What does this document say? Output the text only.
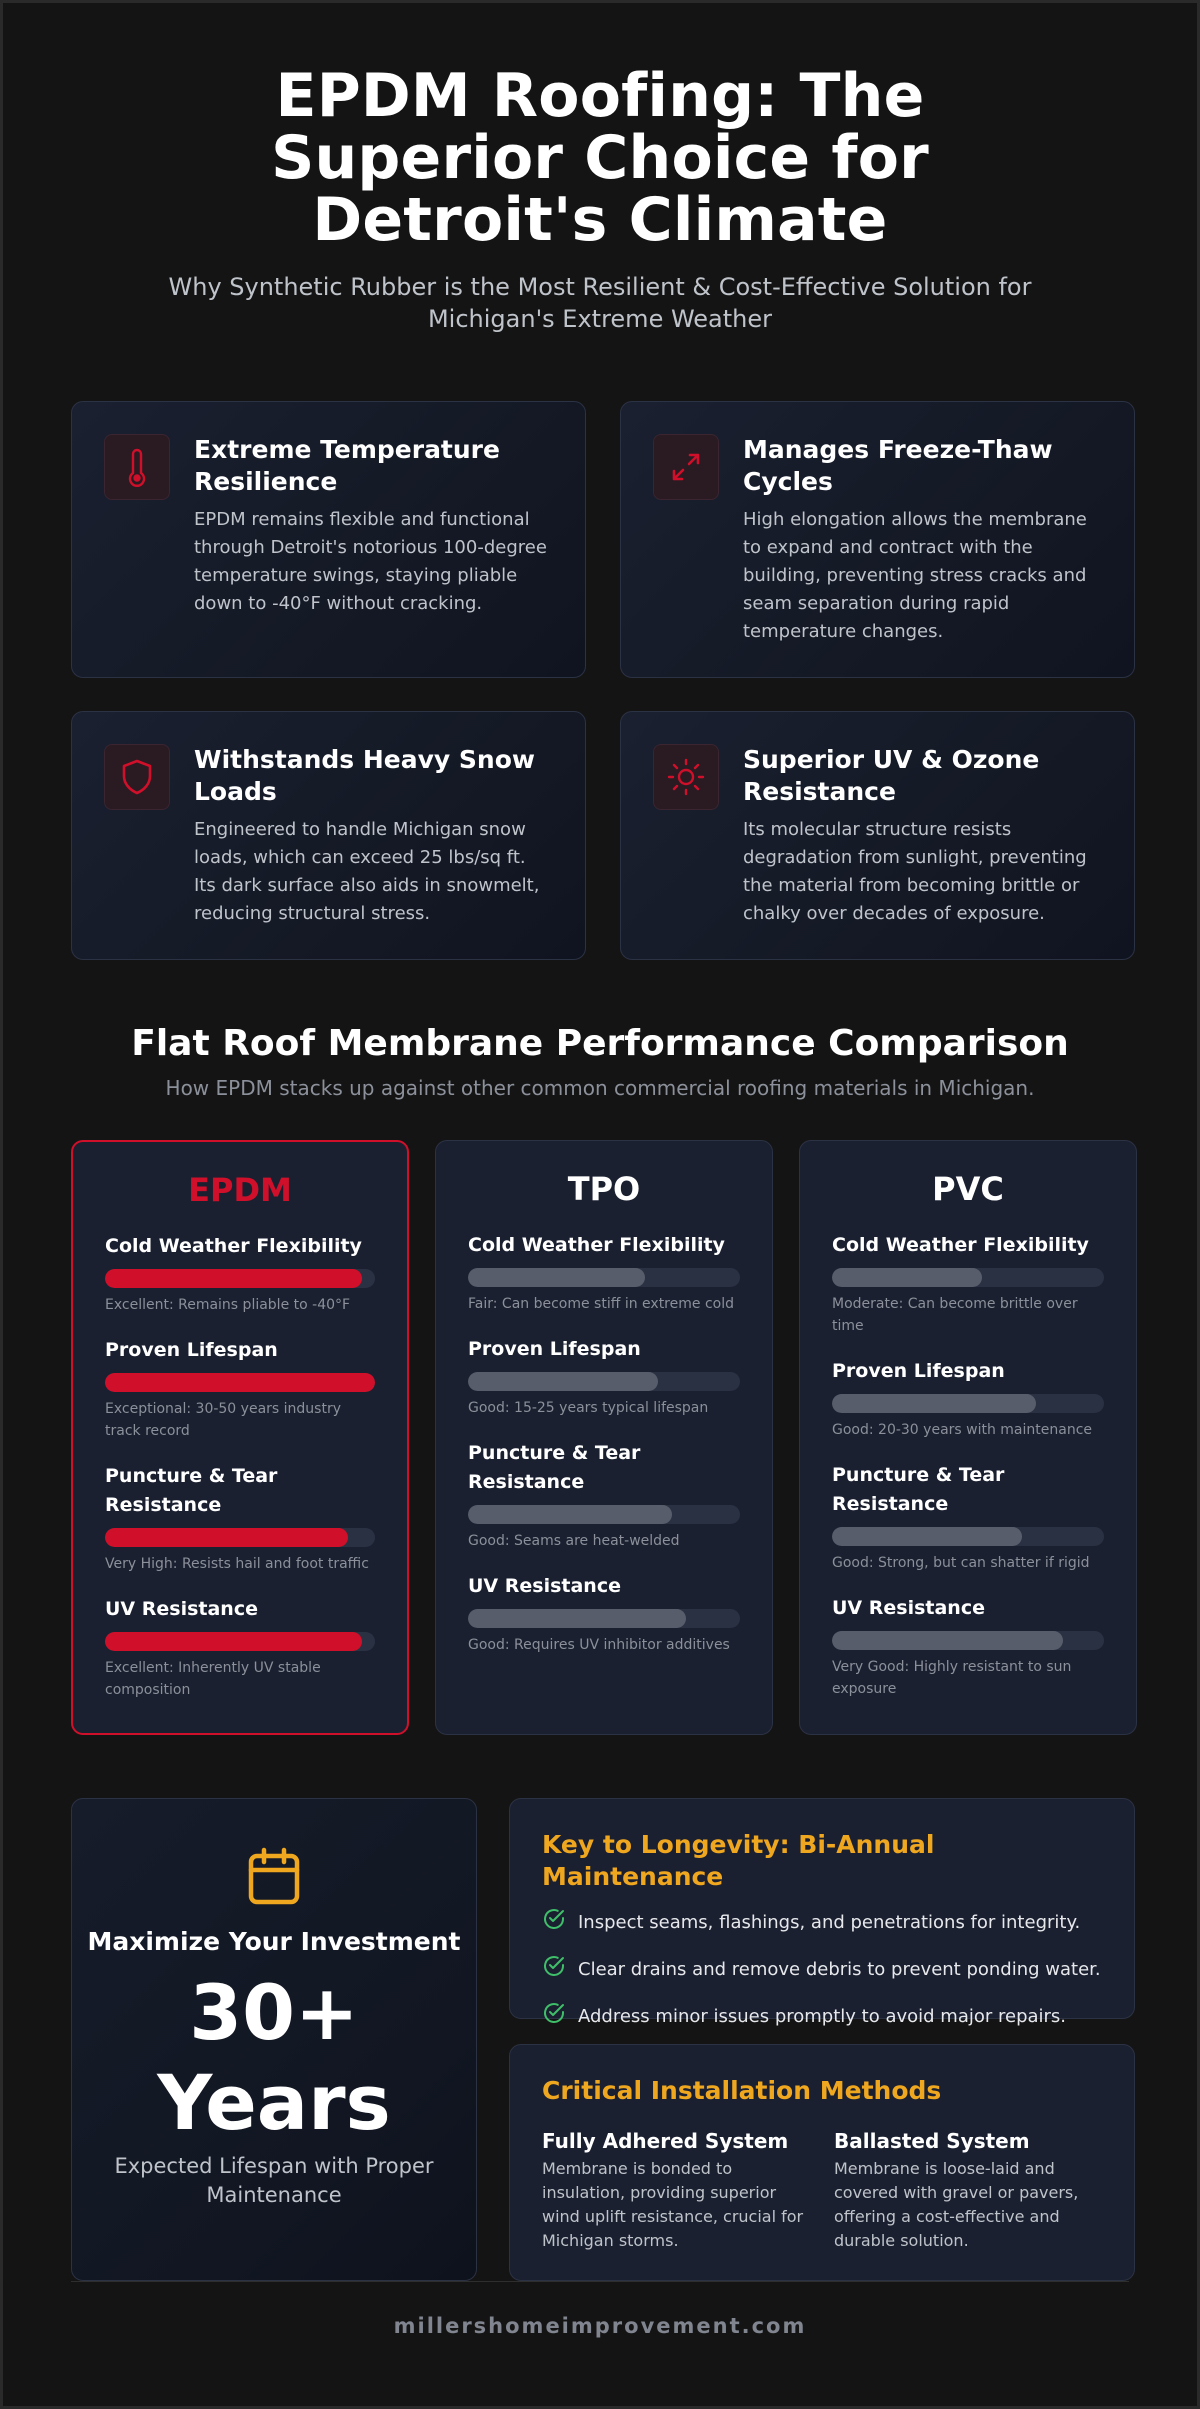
EPDM Roofing: The Superior Choice for Detroit's Climate

Why Synthetic Rubber is the Most Resilient & Cost-Effective Solution for Michigan's Extreme Weather

Extreme Temperature Resilience
EPDM remains flexible and functional through Detroit's notorious 100-degree temperature swings, staying pliable down to -40°F without cracking.
Manages Freeze-Thaw Cycles
High elongation allows the membrane to expand and contract with the building, preventing stress cracks and seam separation during rapid temperature changes.
Withstands Heavy Snow Loads
Engineered to handle Michigan snow loads, which can exceed 25 lbs/sq ft. Its dark surface also aids in snowmelt, reducing structural stress.
Superior UV & Ozone Resistance
Its molecular structure resists degradation from sunlight, preventing the material from becoming brittle or chalky over decades of exposure.
Flat Roof Membrane Performance Comparison

How EPDM stacks up against other common commercial roofing materials in Michigan.

EPDM
Cold Weather Flexibility
Excellent: Remains pliable to -40°F
Proven Lifespan
Exceptional: 30-50 years industry track record
Puncture & Tear Resistance
Very High: Resists hail and foot traffic
UV Resistance
Excellent: Inherently UV stable composition
TPO
Cold Weather Flexibility
Fair: Can become stiff in extreme cold
Proven Lifespan
Good: 15-25 years typical lifespan
Puncture & Tear Resistance
Good: Seams are heat-welded
UV Resistance
Good: Requires UV inhibitor additives
PVC
Cold Weather Flexibility
Moderate: Can become brittle over time
Proven Lifespan
Good: 20-30 years with maintenance
Puncture & Tear Resistance
Good: Strong, but can shatter if rigid
UV Resistance
Very Good: Highly resistant to sun exposure
Maximize Your Investment
30+
Years
Expected Lifespan with Proper Maintenance
Key to Longevity: Bi-Annual Maintenance
Inspect seams, flashings, and penetrations for integrity.
Clear drains and remove debris to prevent ponding water.
Address minor issues promptly to avoid major repairs.
Critical Installation Methods
Fully Adhered System
Membrane is bonded to insulation, providing superior wind uplift resistance, crucial for Michigan storms.
Ballasted System
Membrane is loose-laid and covered with gravel or pavers, offering a cost-effective and durable solution.
millershomeimprovement.com
